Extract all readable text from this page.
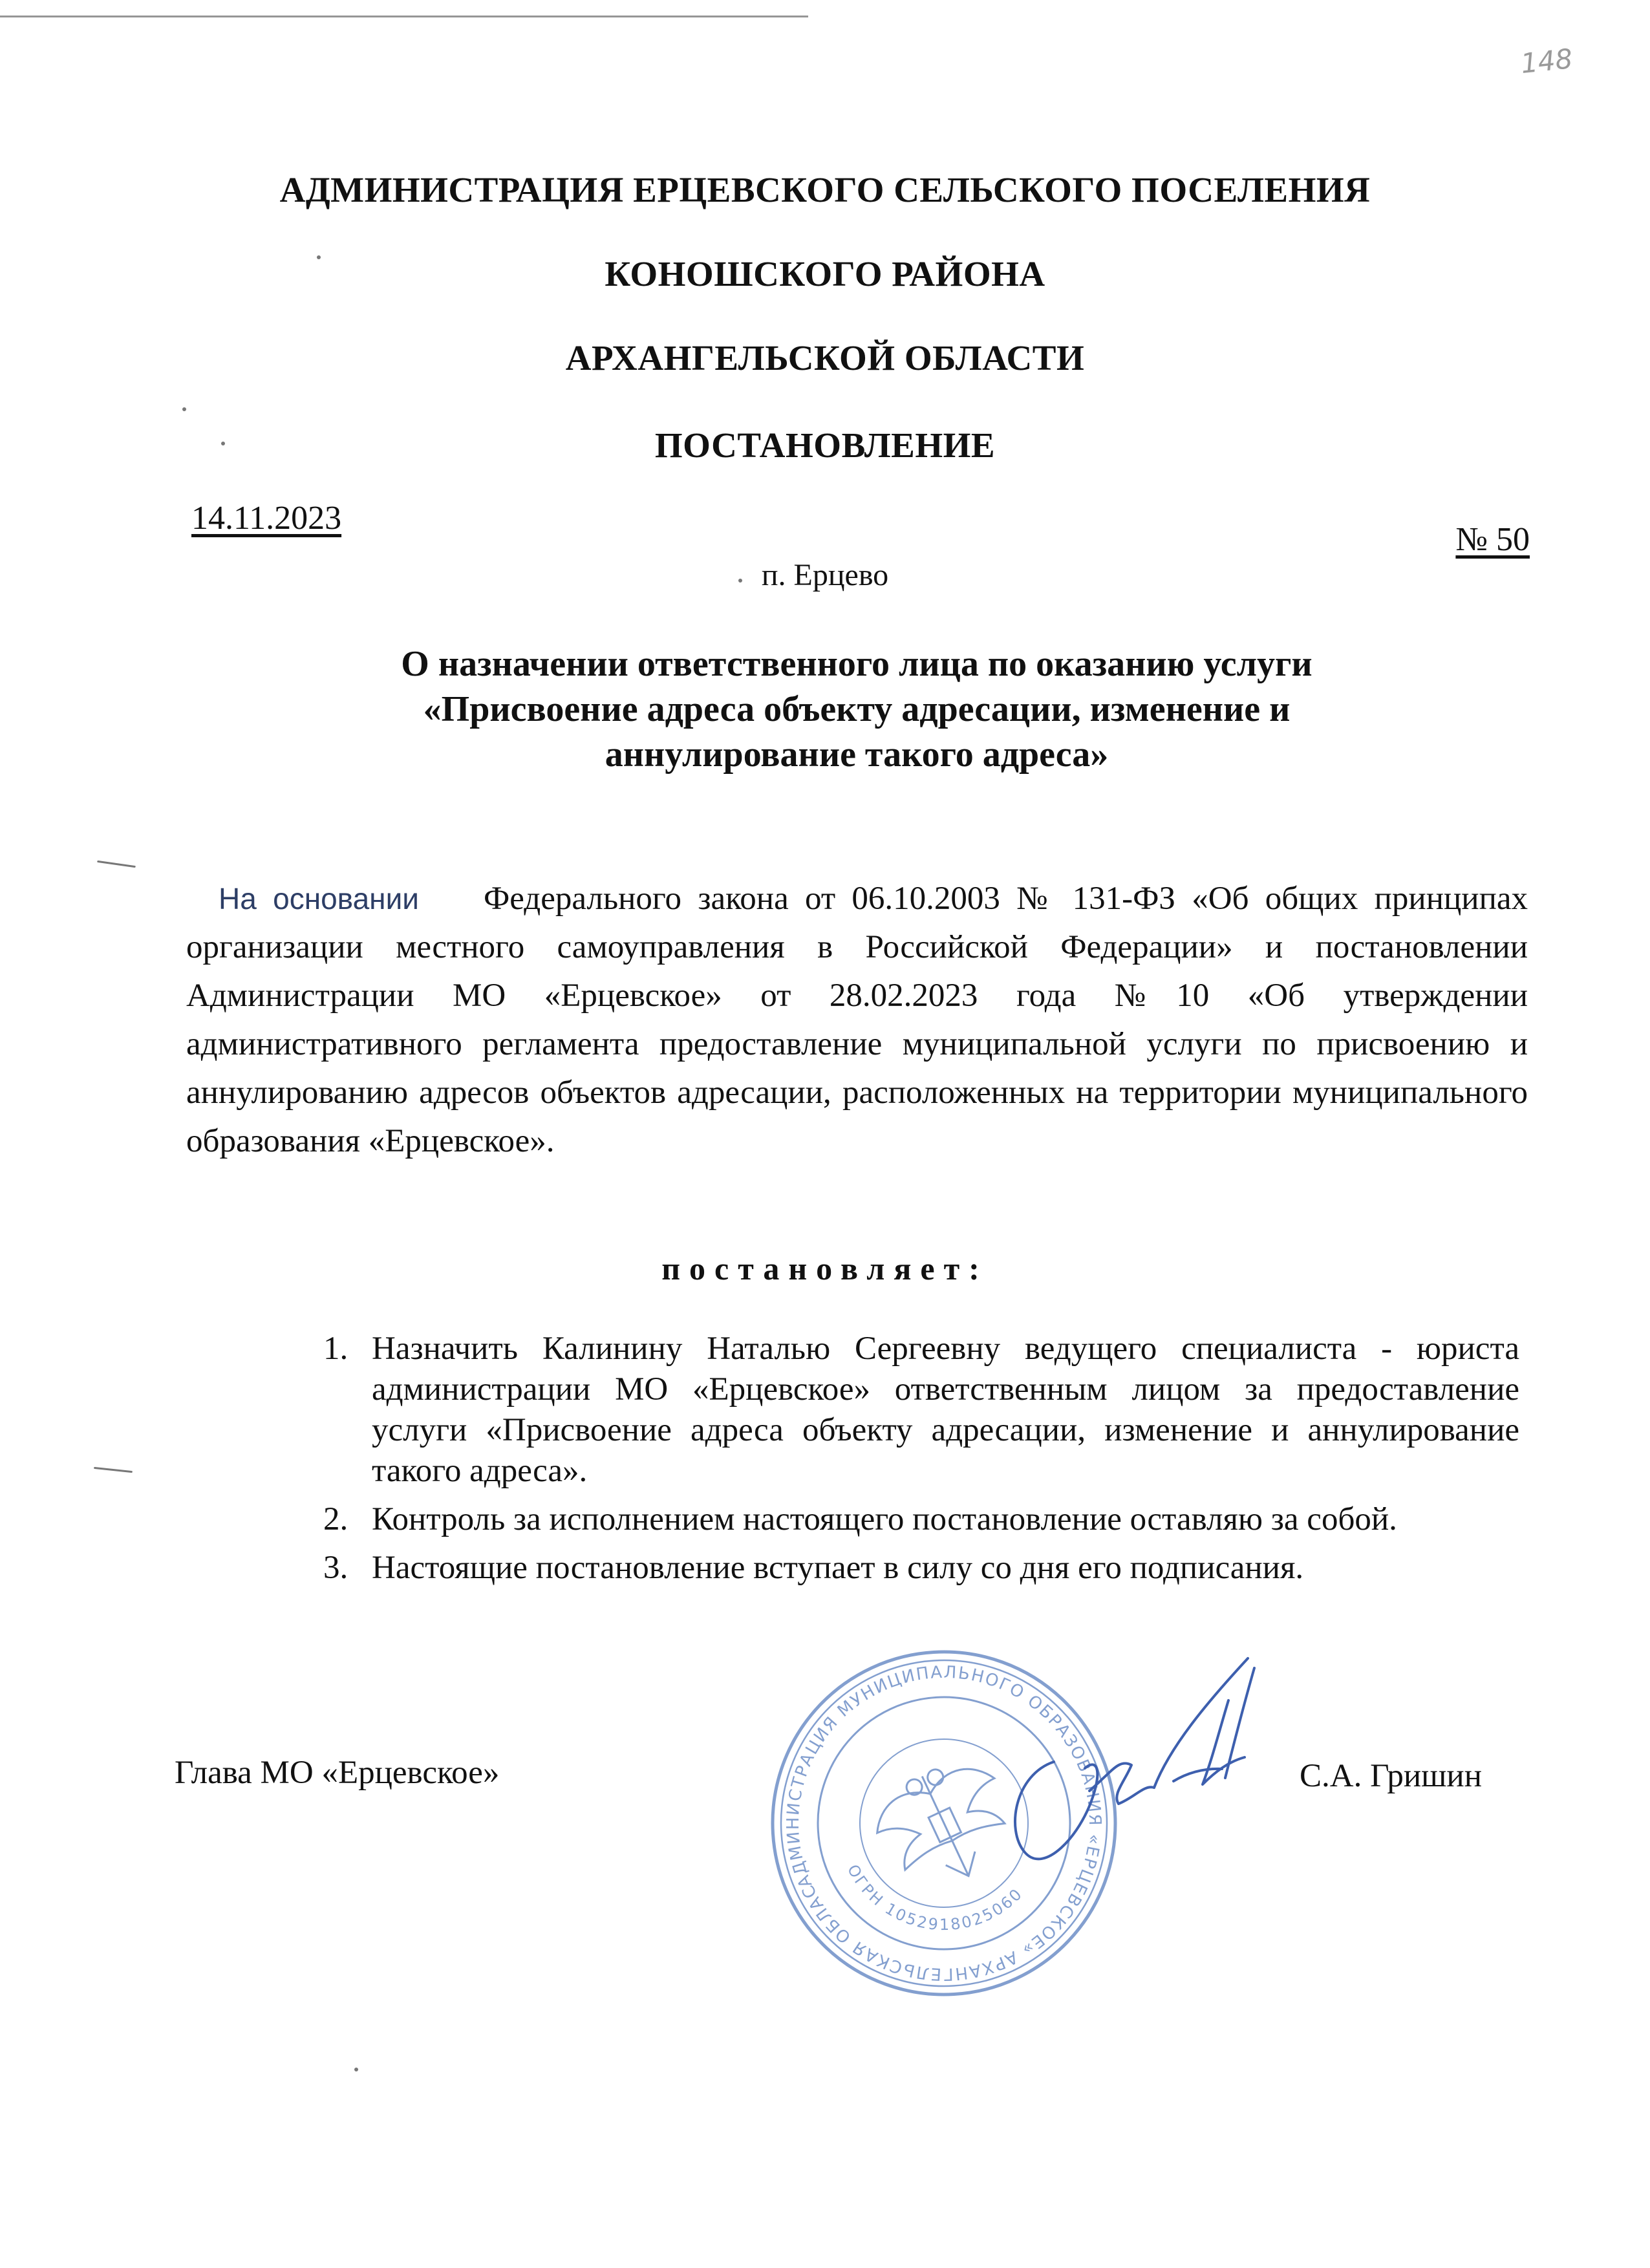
148
АДМИНИСТРАЦИЯ ЕРЦЕВСКОГО СЕЛЬСКОГО ПОСЕЛЕНИЯ
КОНОШСКОГО РАЙОНА
АРХАНГЕЛЬСКОЙ ОБЛАСТИ
ПОСТАНОВЛЕНИЕ
14.11.2023
№ 50
п. Ерцево
О назначении ответственного лица по оказанию услуги
«Присвоение адреса объекту адресации, изменение и
аннулирование такого адреса»
На основании Федерального закона от 06.10.2003 № 131-ФЗ «Об общих принципах организации местного самоуправления в Российской Федерации» и постановлении Администрации МО «Ерцевское» от 28.02.2023 года №10 «Об утверждении административного регламента предоставление муниципальной услуги по присвоению и аннулированию адресов объектов адресации, расположенных на территории муниципального образования «Ерцевское».
постановляет:
1. Назначить Калинину Наталью Сергеевну ведущего специалиста - юриста администрации МО «Ерцевское» ответственным лицом за предоставление услуги «Присвоение адреса объекту адресации, изменение и аннулирование такого адреса».
2. Контроль за исполнением настоящего постановление оставляю за собой.
3. Настоящие постановление вступает в силу со дня его подписания.
Глава МО «Ерцевское»
АДМИНИСТРАЦИЯ МУНИЦИПАЛЬНОГО ОБРАЗОВАНИЯ «ЕРЦЕВСКОЕ» АРХАНГЕЛЬСКАЯ ОБЛАСТЬ
ОГРН 1052918025060
С.А. Гришин
